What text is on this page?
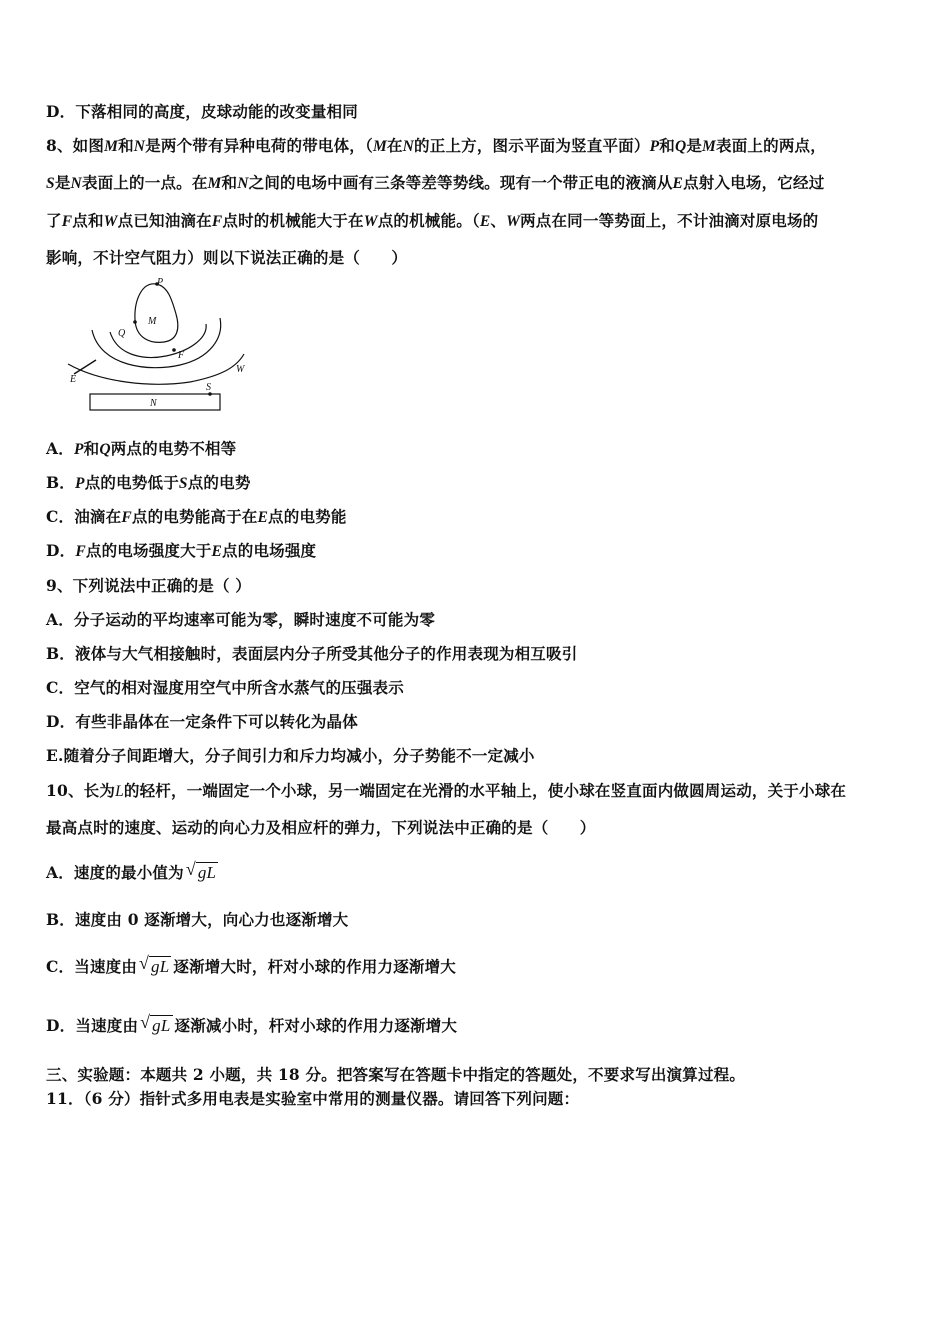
D．下落相同的高度，皮球动能的改变量相同
8、如图M和N是两个带有异种电荷的带电体，（M在N的正上方，图示平面为竖直平面）P和Q是M表面上的两点，
S是N表面上的一点。在M和N之间的电场中画有三条等差等势线。现有一个带正电的液滴从E点射入电场，它经过
了F点和W点已知油滴在F点时的机械能大于在W点的机械能。（E、W两点在同一等势面上，不计油滴对原电场的
影响，不计空气阻力）则以下说法正确的是（　　）
P
M
Q
F
W
E
S
N
A．P和Q两点的电势不相等
B．P点的电势低于S点的电势
C．油滴在F点的电势能高于在E点的电势能
D．F点的电场强度大于E点的电场强度
9、下列说法中正确的是（ ）
A．分子运动的平均速率可能为零，瞬时速度不可能为零
B．液体与大气相接触时，表面层内分子所受其他分子的作用表现为相互吸引
C．空气的相对湿度用空气中所含水蒸气的压强表示
D．有些非晶体在一定条件下可以转化为晶体
E.随着分子间距增大，分子间引力和斥力均减小，分子势能不一定减小
10、长为L的轻杆，一端固定一个小球，另一端固定在光滑的水平轴上，使小球在竖直面内做圆周运动，关于小球在
最高点时的速度、运动的向心力及相应杆的弹力，下列说法中正确的是（　　）
A．速度的最小值为 √ gL
B．速度由 0 逐渐增大，向心力也逐渐增大
C．当速度由 √ gL 逐渐增大时，杆对小球的作用力逐渐增大
D．当速度由 √ gL 逐渐减小时，杆对小球的作用力逐渐增大
三、实验题：本题共 2 小题，共 18 分。把答案写在答题卡中指定的答题处，不要求写出演算过程。
11．（6 分）指针式多用电表是实验室中常用的测量仪器。请回答下列问题：
